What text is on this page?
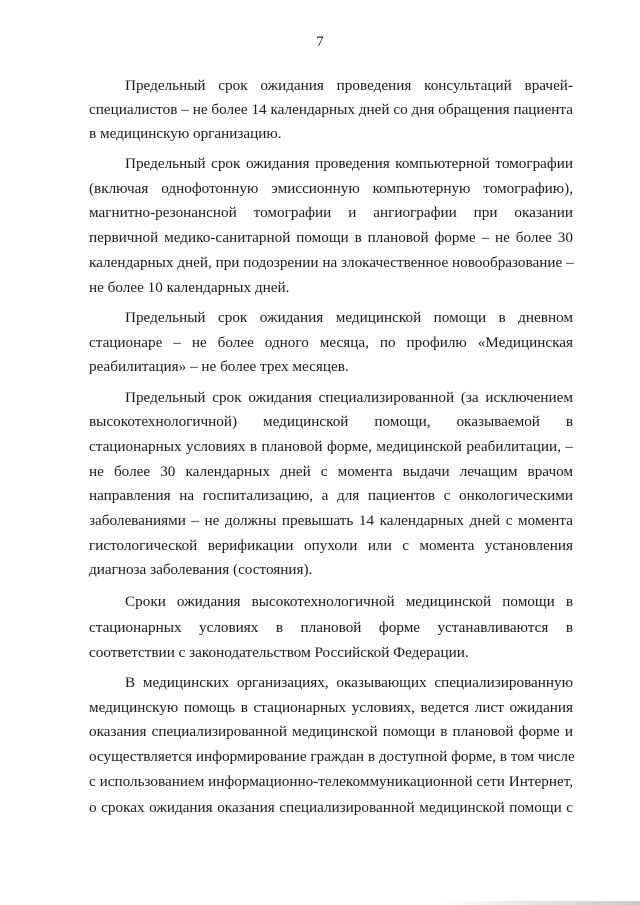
7
Предельный срок ожидания проведения консультаций врачей-
специалистов – не более 14 календарных дней со дня обращения пациента
в медицинскую организацию.
Предельный срок ожидания проведения компьютерной томографии
(включая однофотонную эмиссионную компьютерную томографию),
магнитно-резонансной томографии и ангиографии при оказании
первичной медико-санитарной помощи в плановой форме – не более 30
календарных дней, при подозрении на злокачественное новообразование –
не более 10 календарных дней.
Предельный срок ожидания медицинской помощи в дневном
стационаре – не более одного месяца, по профилю «Медицинская
реабилитация» – не более трех месяцев.
Предельный срок ожидания специализированной (за исключением
высокотехнологичной) медицинской помощи, оказываемой в
стационарных условиях в плановой форме, медицинской реабилитации, –
не более 30 календарных дней с момента выдачи лечащим врачом
направления на госпитализацию, а для пациентов с онкологическими
заболеваниями – не должны превышать 14 календарных дней с момента
гистологической верификации опухоли или с момента установления
диагноза заболевания (состояния).
Сроки ожидания высокотехнологичной медицинской помощи в
стационарных условиях в плановой форме устанавливаются в
соответствии с законодательством Российской Федерации.
В медицинских организациях, оказывающих специализированную
медицинскую помощь в стационарных условиях, ведется лист ожидания
оказания специализированной медицинской помощи в плановой форме и
осуществляется информирование граждан в доступной форме, в том числе
с использованием информационно-телекоммуникационной сети Интернет,
о сроках ожидания оказания специализированной медицинской помощи с
